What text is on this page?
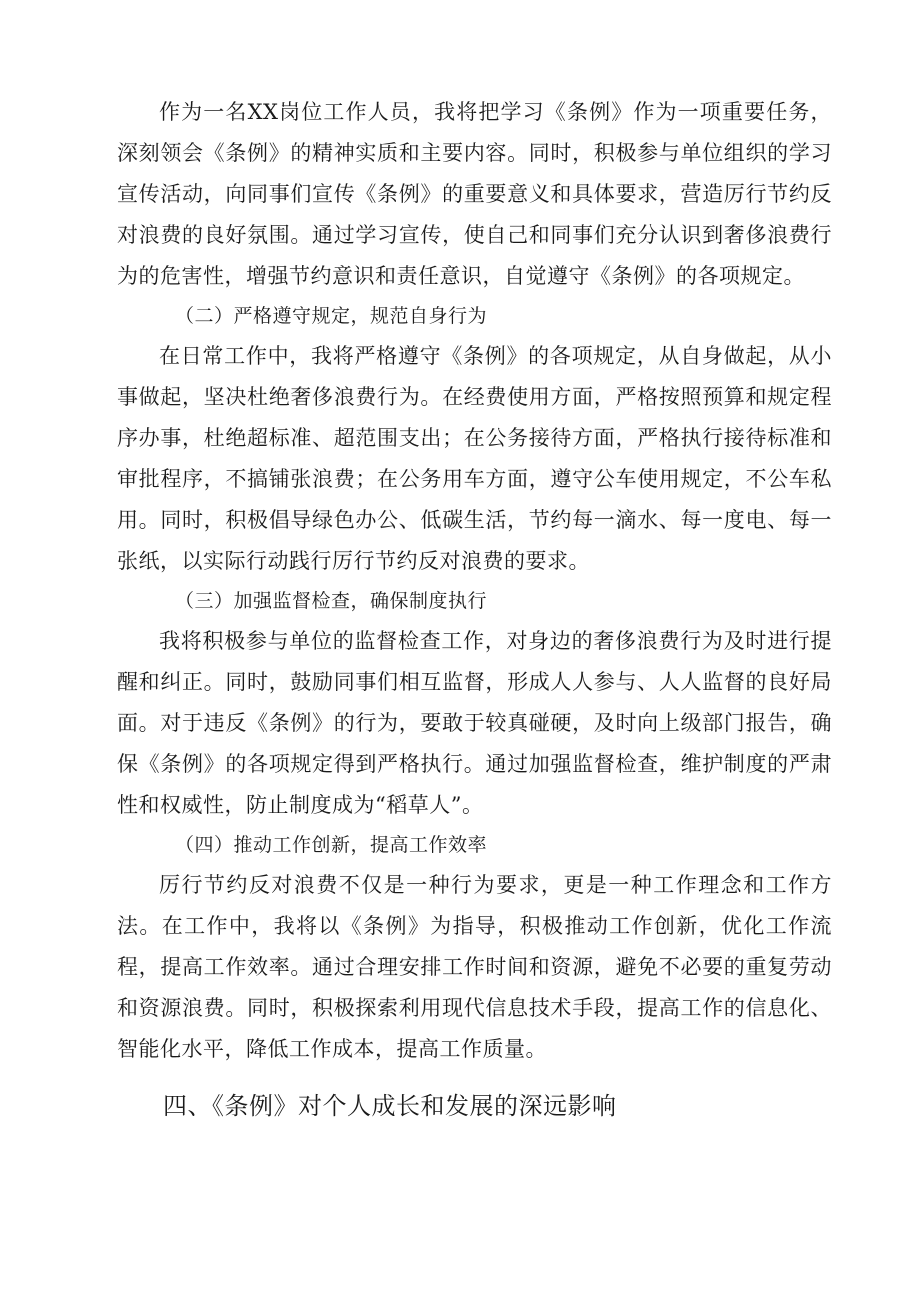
作为一名XX岗位工作人员，我将把学习《条例》作为一项重要任务，深刻领会《条例》的精神实质和主要内容。同时，积极参与单位组织的学习宣传活动，向同事们宣传《条例》的重要意义和具体要求，营造厉行节约反对浪费的良好氛围。通过学习宣传，使自己和同事们充分认识到奢侈浪费行为的危害性，增强节约意识和责任意识，自觉遵守《条例》的各项规定。

（二）严格遵守规定，规范自身行为

在日常工作中，我将严格遵守《条例》的各项规定，从自身做起，从小事做起，坚决杜绝奢侈浪费行为。在经费使用方面，严格按照预算和规定程序办事，杜绝超标准、超范围支出；在公务接待方面，严格执行接待标准和审批程序，不搞铺张浪费；在公务用车方面，遵守公车使用规定，不公车私用。同时，积极倡导绿色办公、低碳生活，节约每一滴水、每一度电、每一张纸，以实际行动践行厉行节约反对浪费的要求。

（三）加强监督检查，确保制度执行

我将积极参与单位的监督检查工作，对身边的奢侈浪费行为及时进行提醒和纠正。同时，鼓励同事们相互监督，形成人人参与、人人监督的良好局面。对于违反《条例》的行为，要敢于较真碰硬，及时向上级部门报告，确保《条例》的各项规定得到严格执行。通过加强监督检查，维护制度的严肃性和权威性，防止制度成为“稻草人”。

（四）推动工作创新，提高工作效率

厉行节约反对浪费不仅是一种行为要求，更是一种工作理念和工作方法。在工作中，我将以《条例》为指导，积极推动工作创新，优化工作流程，提高工作效率。通过合理安排工作时间和资源，避免不必要的重复劳动和资源浪费。同时，积极探索利用现代信息技术手段，提高工作的信息化、智能化水平，降低工作成本，提高工作质量。

四、《条例》对个人成长和发展的深远影响
